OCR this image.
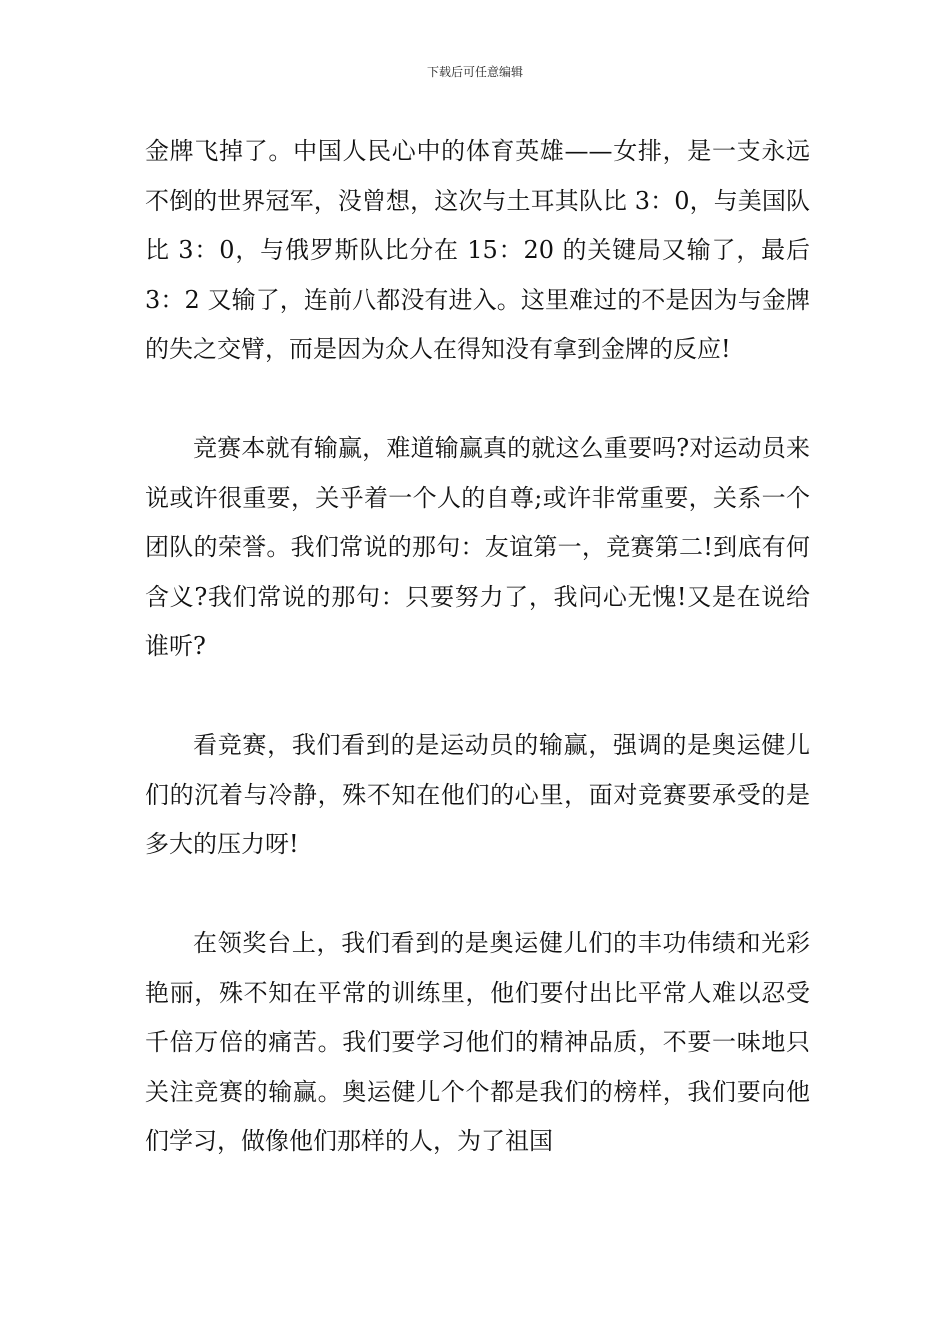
下载后可任意编辑

金牌飞掉了。中国人民心中的体育英雄——女排，是一支永远不倒的世界冠军，没曾想，这次与土耳其队比 3：0，与美国队比 3：0，与俄罗斯队比分在 15：20 的关键局又输了，最后 3：2 又输了，连前八都没有进入。这里难过的不是因为与金牌的失之交臂，而是因为众人在得知没有拿到金牌的反应!

竞赛本就有输赢，难道输赢真的就这么重要吗?对运动员来说或许很重要，关乎着一个人的自尊;或许非常重要，关系一个团队的荣誉。我们常说的那句：友谊第一，竞赛第二!到底有何含义?我们常说的那句：只要努力了，我问心无愧!又是在说给谁听?

看竞赛，我们看到的是运动员的输赢，强调的是奥运健儿们的沉着与冷静，殊不知在他们的心里，面对竞赛要承受的是多大的压力呀!

在领奖台上，我们看到的是奥运健儿们的丰功伟绩和光彩艳丽，殊不知在平常的训练里，他们要付出比平常人难以忍受千倍万倍的痛苦。我们要学习他们的精神品质，不要一味地只关注竞赛的输赢。奥运健儿个个都是我们的榜样，我们要向他们学习，做像他们那样的人，为了祖国
